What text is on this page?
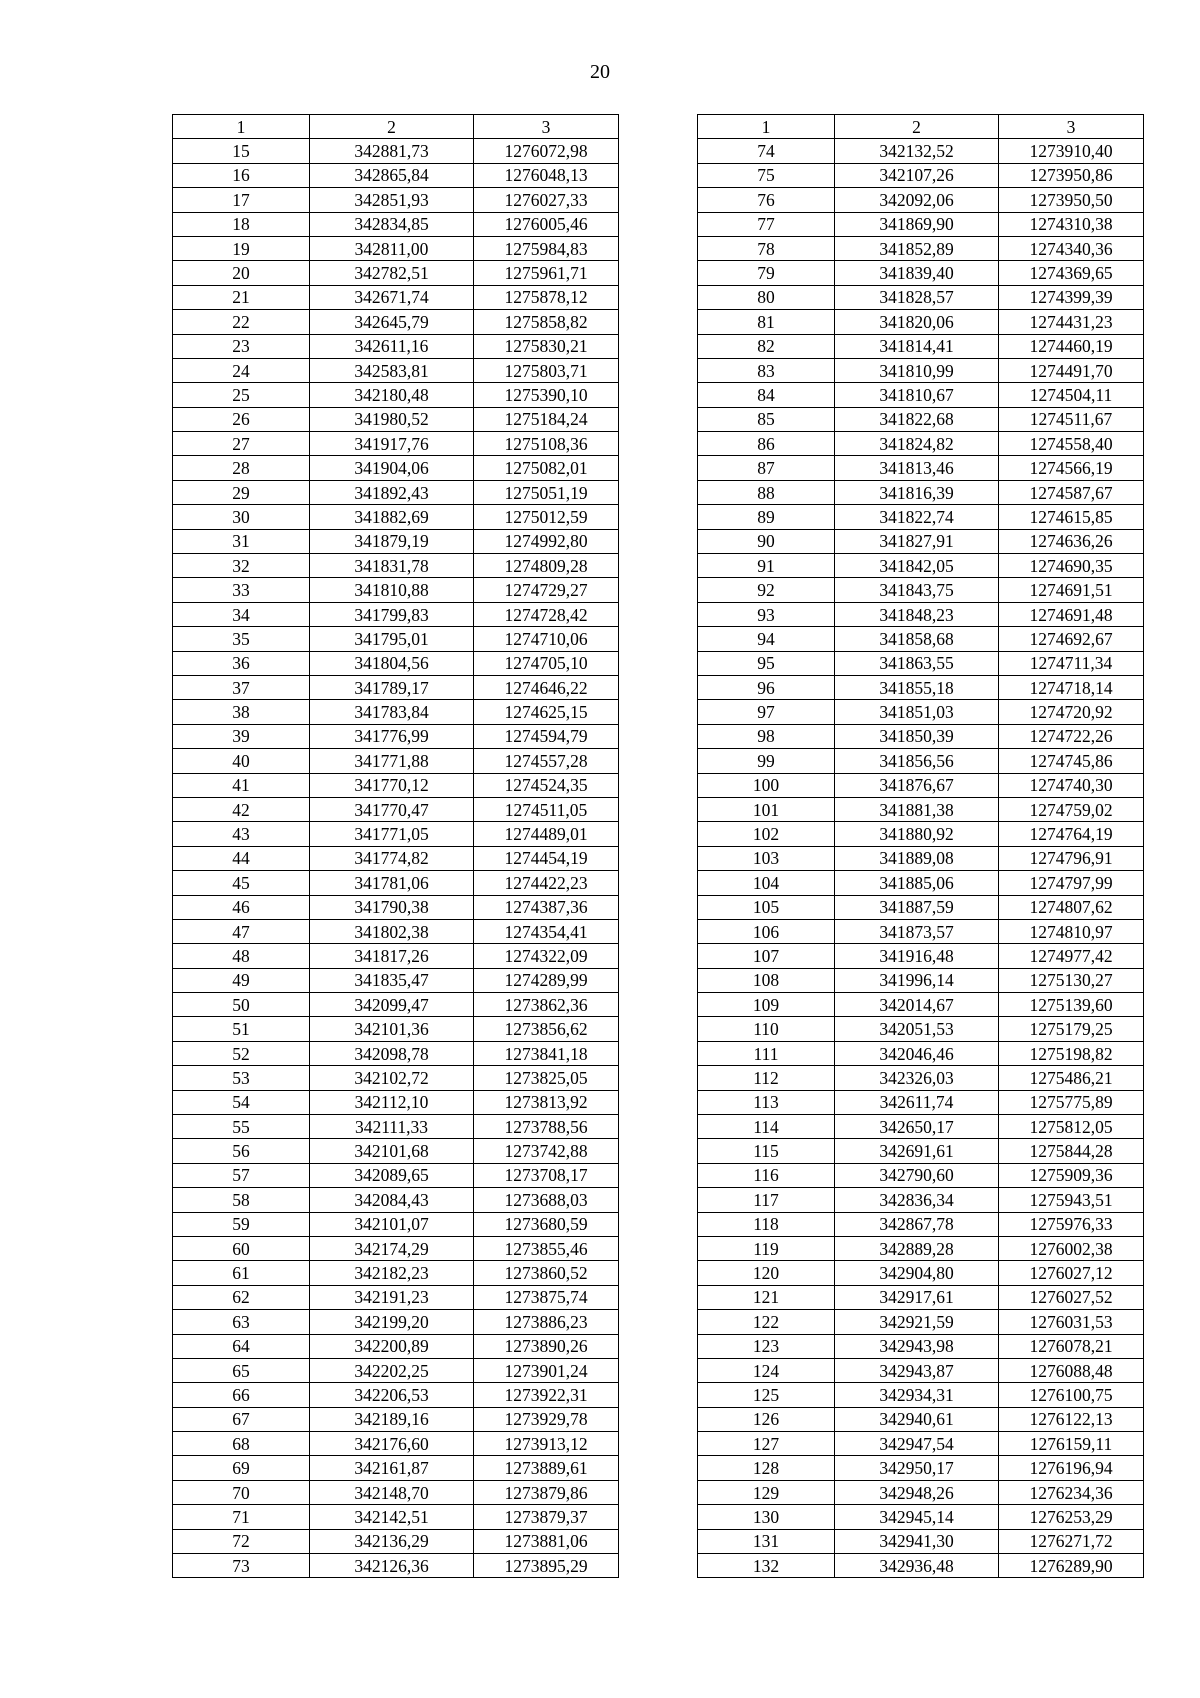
20
1	2	3
15	342881,73	1276072,98
16	342865,84	1276048,13
17	342851,93	1276027,33
18	342834,85	1276005,46
19	342811,00	1275984,83
20	342782,51	1275961,71
21	342671,74	1275878,12
22	342645,79	1275858,82
23	342611,16	1275830,21
24	342583,81	1275803,71
25	342180,48	1275390,10
26	341980,52	1275184,24
27	341917,76	1275108,36
28	341904,06	1275082,01
29	341892,43	1275051,19
30	341882,69	1275012,59
31	341879,19	1274992,80
32	341831,78	1274809,28
33	341810,88	1274729,27
34	341799,83	1274728,42
35	341795,01	1274710,06
36	341804,56	1274705,10
37	341789,17	1274646,22
38	341783,84	1274625,15
39	341776,99	1274594,79
40	341771,88	1274557,28
41	341770,12	1274524,35
42	341770,47	1274511,05
43	341771,05	1274489,01
44	341774,82	1274454,19
45	341781,06	1274422,23
46	341790,38	1274387,36
47	341802,38	1274354,41
48	341817,26	1274322,09
49	341835,47	1274289,99
50	342099,47	1273862,36
51	342101,36	1273856,62
52	342098,78	1273841,18
53	342102,72	1273825,05
54	342112,10	1273813,92
55	342111,33	1273788,56
56	342101,68	1273742,88
57	342089,65	1273708,17
58	342084,43	1273688,03
59	342101,07	1273680,59
60	342174,29	1273855,46
61	342182,23	1273860,52
62	342191,23	1273875,74
63	342199,20	1273886,23
64	342200,89	1273890,26
65	342202,25	1273901,24
66	342206,53	1273922,31
67	342189,16	1273929,78
68	342176,60	1273913,12
69	342161,87	1273889,61
70	342148,70	1273879,86
71	342142,51	1273879,37
72	342136,29	1273881,06
73	342126,36	1273895,29
1	2	3
74	342132,52	1273910,40
75	342107,26	1273950,86
76	342092,06	1273950,50
77	341869,90	1274310,38
78	341852,89	1274340,36
79	341839,40	1274369,65
80	341828,57	1274399,39
81	341820,06	1274431,23
82	341814,41	1274460,19
83	341810,99	1274491,70
84	341810,67	1274504,11
85	341822,68	1274511,67
86	341824,82	1274558,40
87	341813,46	1274566,19
88	341816,39	1274587,67
89	341822,74	1274615,85
90	341827,91	1274636,26
91	341842,05	1274690,35
92	341843,75	1274691,51
93	341848,23	1274691,48
94	341858,68	1274692,67
95	341863,55	1274711,34
96	341855,18	1274718,14
97	341851,03	1274720,92
98	341850,39	1274722,26
99	341856,56	1274745,86
100	341876,67	1274740,30
101	341881,38	1274759,02
102	341880,92	1274764,19
103	341889,08	1274796,91
104	341885,06	1274797,99
105	341887,59	1274807,62
106	341873,57	1274810,97
107	341916,48	1274977,42
108	341996,14	1275130,27
109	342014,67	1275139,60
110	342051,53	1275179,25
111	342046,46	1275198,82
112	342326,03	1275486,21
113	342611,74	1275775,89
114	342650,17	1275812,05
115	342691,61	1275844,28
116	342790,60	1275909,36
117	342836,34	1275943,51
118	342867,78	1275976,33
119	342889,28	1276002,38
120	342904,80	1276027,12
121	342917,61	1276027,52
122	342921,59	1276031,53
123	342943,98	1276078,21
124	342943,87	1276088,48
125	342934,31	1276100,75
126	342940,61	1276122,13
127	342947,54	1276159,11
128	342950,17	1276196,94
129	342948,26	1276234,36
130	342945,14	1276253,29
131	342941,30	1276271,72
132	342936,48	1276289,90
